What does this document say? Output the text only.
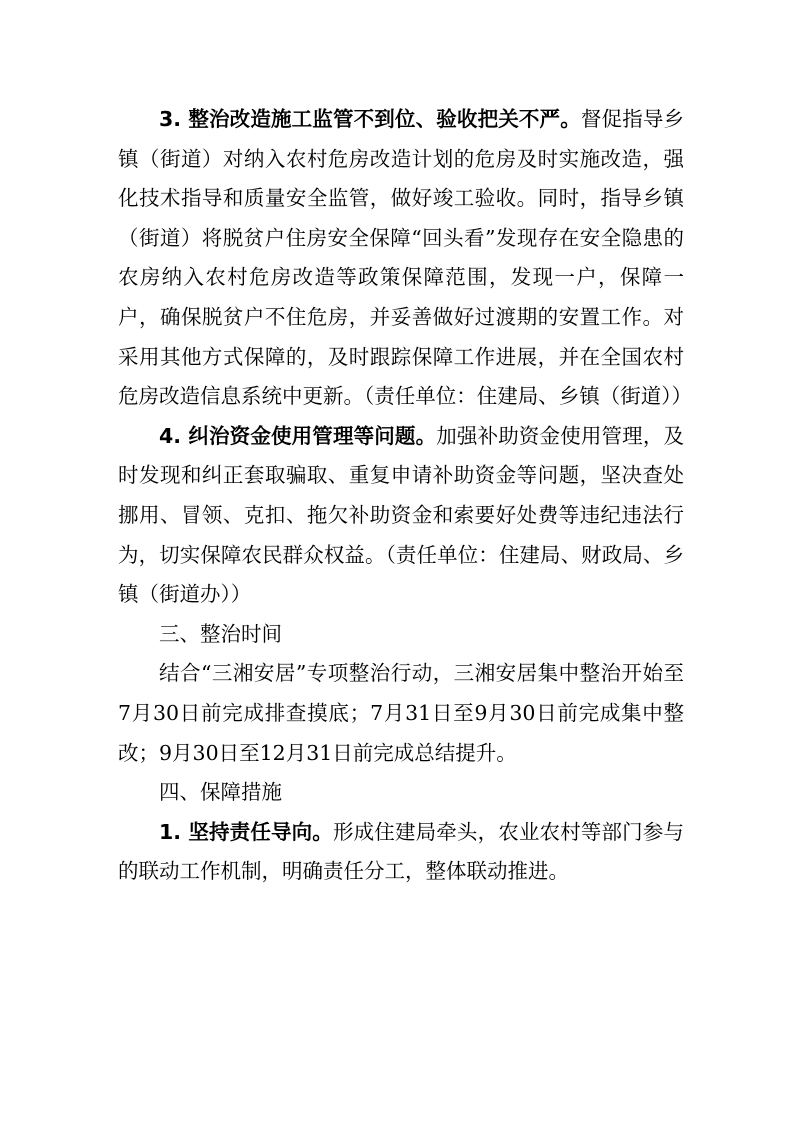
3. 整治改造施工监管不到位、验收把关不严。督促指导乡镇（街道）对纳入农村危房改造计划的危房及时实施改造，强化技术指导和质量安全监管，做好竣工验收。同时，指导乡镇（街道）将脱贫户住房安全保障“回头看”发现存在安全隐患的农房纳入农村危房改造等政策保障范围，发现一户，保障一户，确保脱贫户不住危房，并妥善做好过渡期的安置工作。对采用其他方式保障的，及时跟踪保障工作进展，并在全国农村危房改造信息系统中更新。（责任单位：住建局、乡镇（街道））

4. 纠治资金使用管理等问题。加强补助资金使用管理，及时发现和纠正套取骗取、重复申请补助资金等问题，坚决查处挪用、冒领、克扣、拖欠补助资金和索要好处费等违纪违法行为，切实保障农民群众权益。（责任单位：住建局、财政局、乡镇（街道办））

三、整治时间

结合“三湘安居”专项整治行动，三湘安居集中整治开始至7月30日前完成排查摸底；7月31日至9月30日前完成集中整改；9月30日至12月31日前完成总结提升。

四、保障措施

1. 坚持责任导向。形成住建局牵头，农业农村等部门参与的联动工作机制，明确责任分工，整体联动推进。
